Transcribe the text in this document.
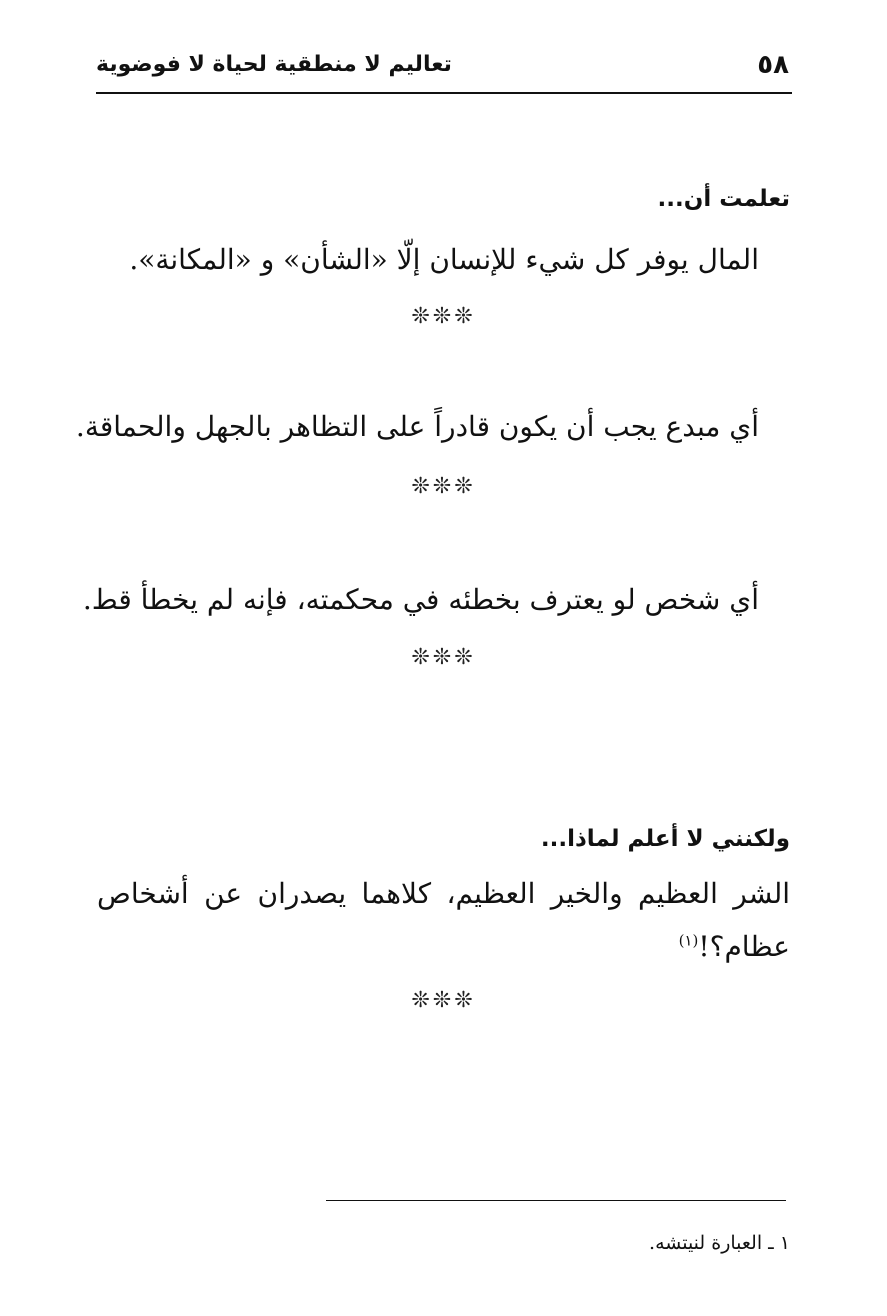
٥٨
تعاليم لا منطقية لحياة لا فوضوية
تعلمت أن...
المال يوفر كل شيء للإنسان إلّا «الشأن» و «المكانة».
❊❊❊
أي مبدع يجب أن يكون قادراً على التظاهر بالجهل والحماقة.
❊❊❊
أي شخص لو يعترف بخطئه في محكمته، فإنه لم يخطأ قط.
❊❊❊
ولكنني لا أعلم لماذا...
الشر العظيم والخير العظيم، كلاهما يصدران عن أشخاص
عظام؟!$^{(١)}$
❊❊❊
١ ـ العبارة لنيتشه.
